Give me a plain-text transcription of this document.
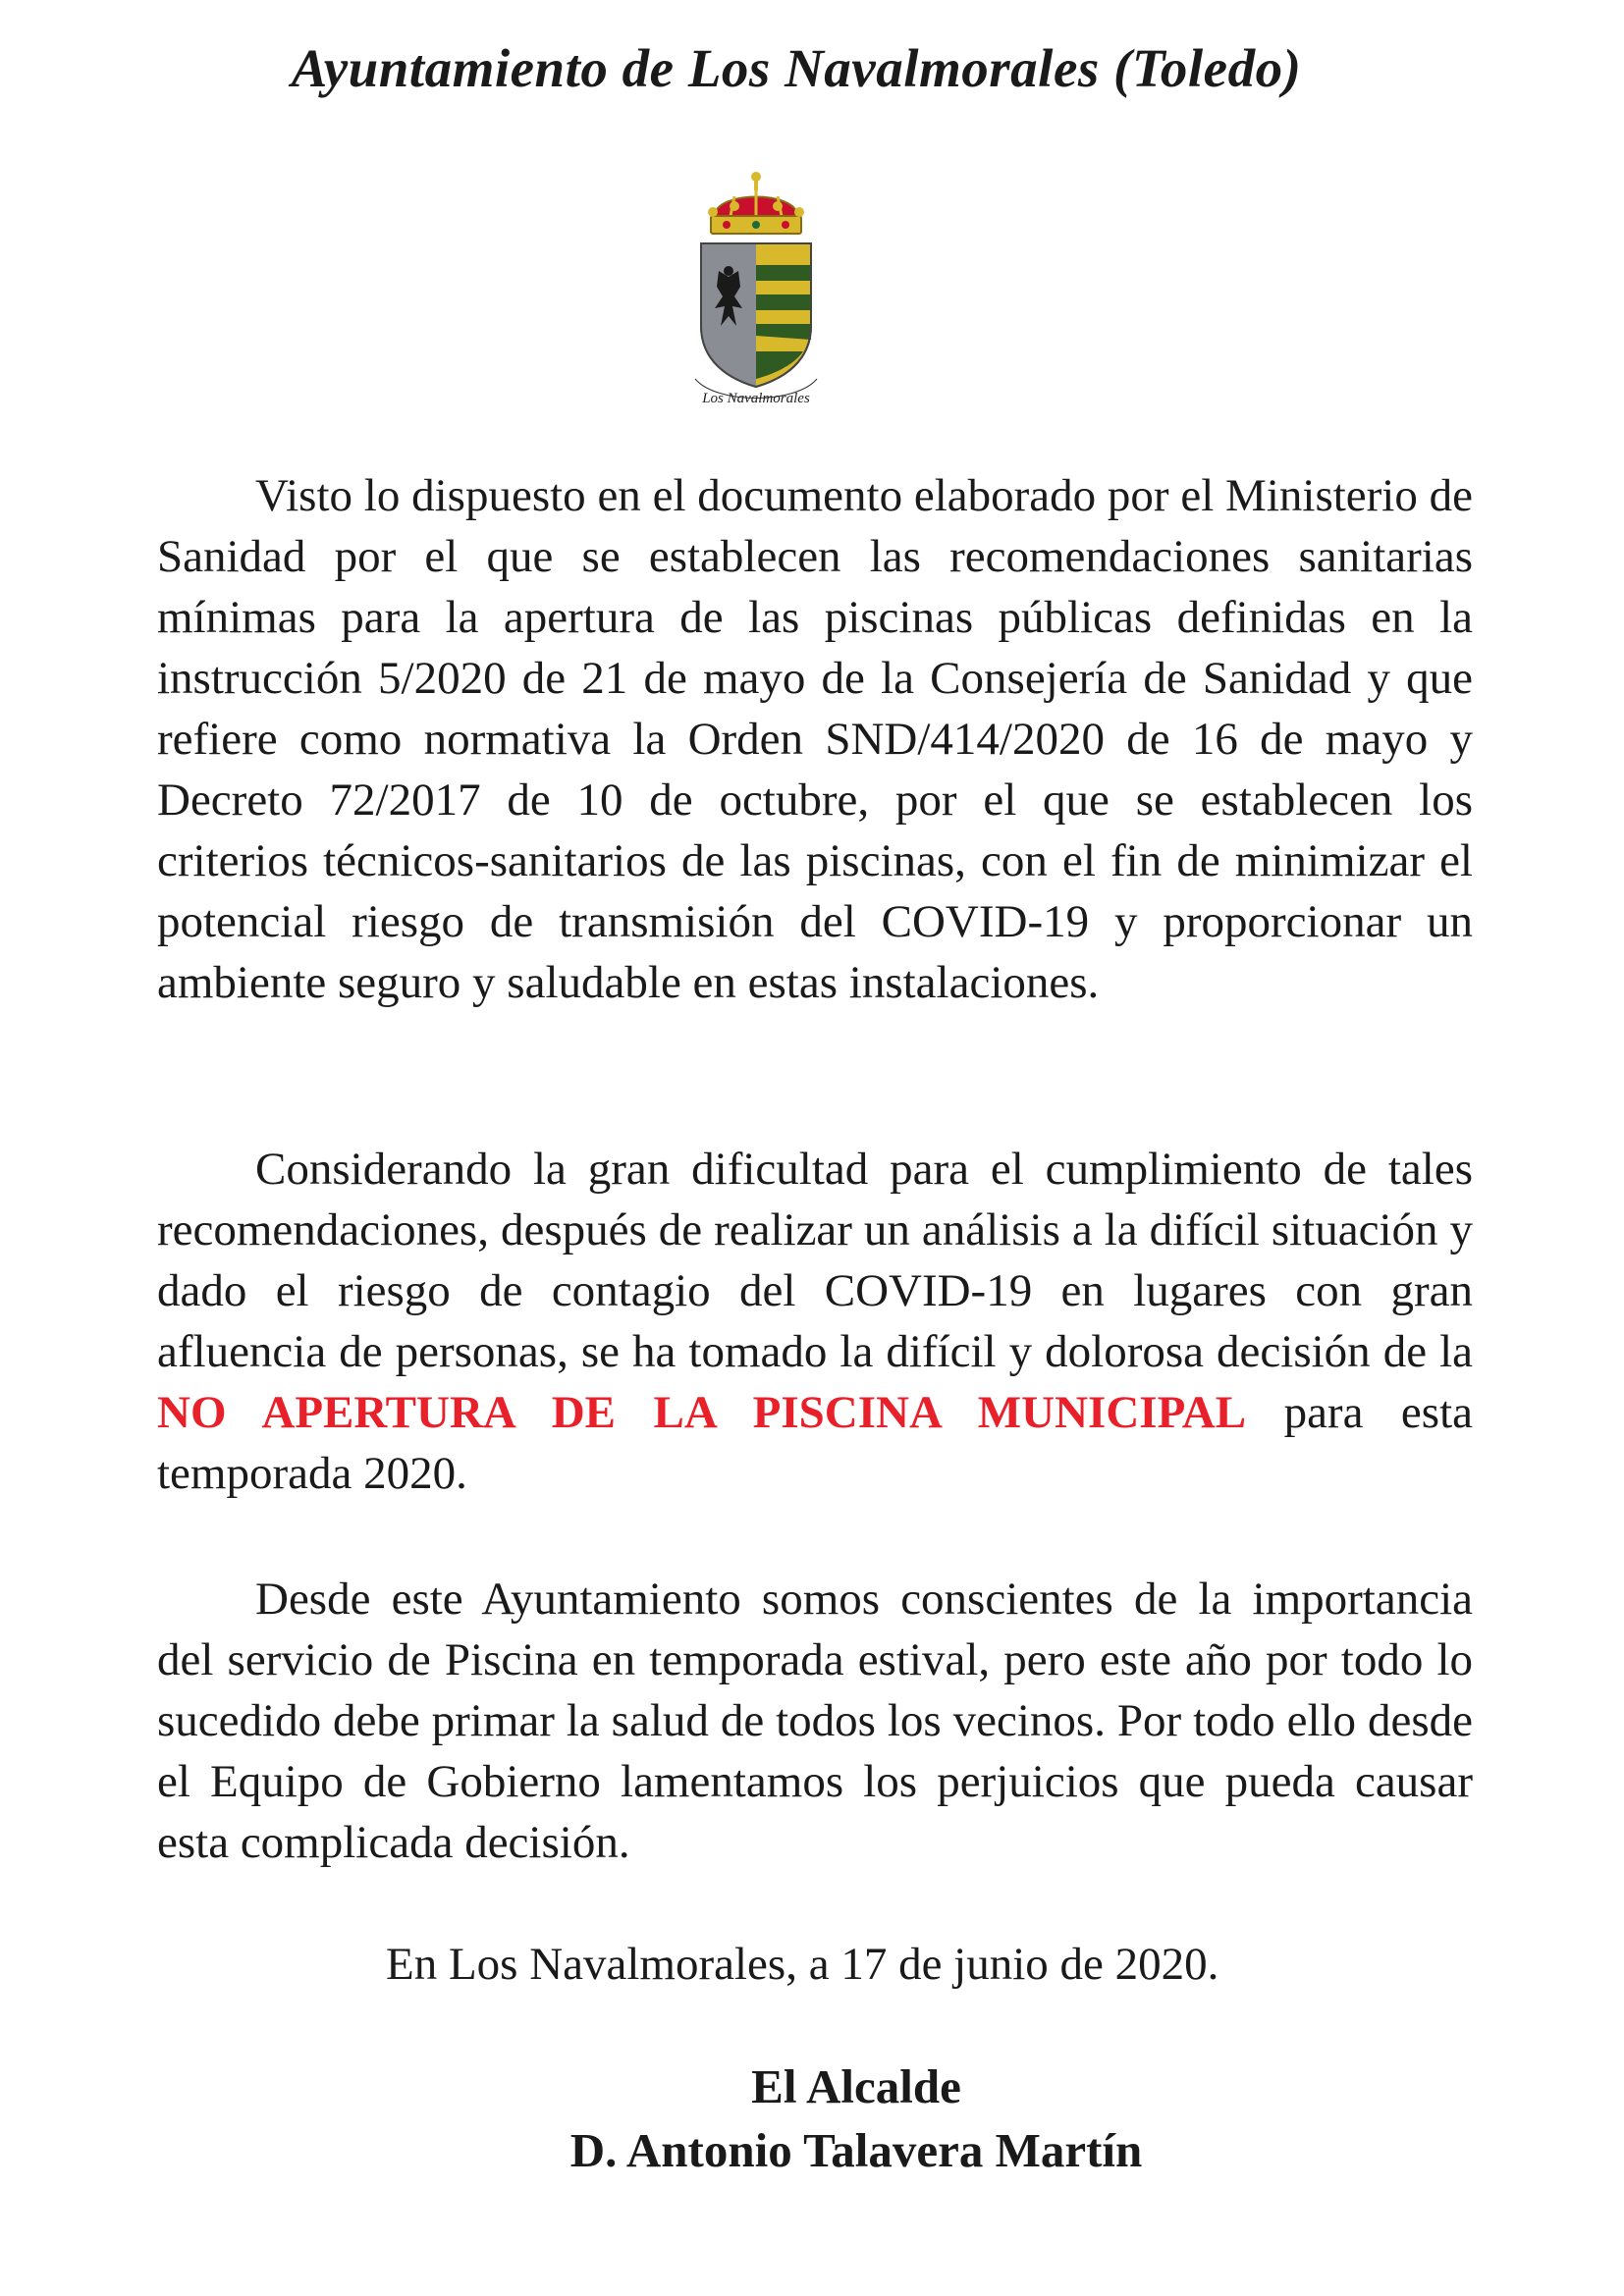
Ayuntamiento de Los Navalmorales (Toledo)
Los Navalmorales

Visto lo dispuesto en el documento elaborado por el Ministerio de Sanidad por el que se establecen las recomendaciones sanitarias mínimas para la apertura de las piscinas públicas definidas en la instrucción 5/2020 de 21 de mayo de la Consejería de Sanidad y que refiere como normativa la Orden SND/414/2020 de 16 de mayo y Decreto 72/2017 de 10 de octubre, por el que se establecen los criterios técnicos-sanitarios de las piscinas, con el fin de minimizar el potencial riesgo de transmisión del COVID-19 y proporcionar un ambiente seguro y saludable en estas instalaciones.

Considerando la gran dificultad para el cumplimiento de tales recomendaciones, después de realizar un análisis a la difícil situación y dado el riesgo de contagio del COVID-19 en lugares con gran afluencia de personas, se ha tomado la difícil y dolorosa decisión de la NO APERTURA DE LA PISCINA MUNICIPAL para esta temporada 2020.

Desde este Ayuntamiento somos conscientes de la importancia del servicio de Piscina en temporada estival, pero este año por todo lo sucedido debe primar la salud de todos los vecinos. Por todo ello desde el Equipo de Gobierno lamentamos los perjuicios que pueda causar esta complicada decisión.

En Los Navalmorales, a 17 de junio de 2020.
El Alcalde
D. Antonio Talavera Martín
